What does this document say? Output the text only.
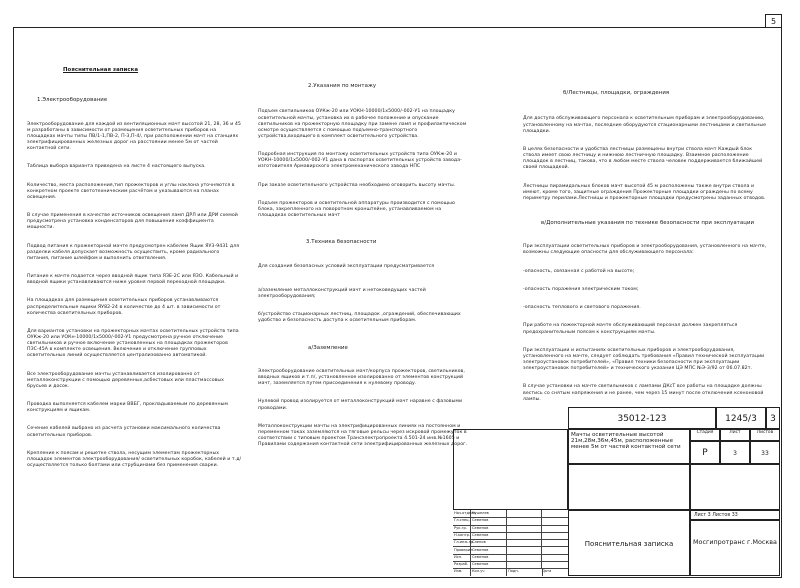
5

Пояснительная записка

1.Электрооборудование

Электрооборудование для каждой из вентиляционных мачт высотой 21, 28, 36 и 45 м разработаны в зависимости от размещения осветительных приборов на площадках мачты типы ПВ/1-1,ПВ-2, П-3,П-4/, при расположении мачт на станциях электрифицированных железных дорог на расстоянии менее 5м от частей контактной сети.

Таблица выбора варианта приведена на листе 4 настоящего выпуска.

Количество, места расположения,тип прожекторов и углы наклона уточняются в конкретном проекте светотехническим расчётом и указываются на планах освещения.

В случае применения в качестве источников освещения ламп ДРЛ или ДРИ схемой предусмотрена установка конденсаторов для повышения коэффициента мощности.

Подвод питания к прожекторной мачте предусмотрен кабелем Ящик ЯУ3-9431 для разделки кабеля допускает возможность осуществить, кроме радиального питания, питание шлейфом и выполнить ответвления.

Питание к мачте подается через вводной ящик типа ЯЗЕ-2С или ЯЗО. Кабельный и вводной ящики устанавливаются ниже уровня первой переходной площадки.

На площадках для размещения осветительных приборов устанавливаются распределительные ящики ЯУ82-24 в количестве до 4 шт. в зависимости от количества осветительных приборов.

Для вариантов установки на прожекторных мачтах осветительных устройств типа ОУКж-20 или УОКн-10000/1х5000/-002-У1 предусмотрена ручное отключение светильников и ручное включение установленных на площадках прожекторов ПЗС-45А в комплекте освещения. Включение и отключение групповых осветительных линий осуществляется централизованно автоматикой.

Все электрооборудование мачты устанавливается изолированно от металлоконструкции с помощью деревянных,асбестовых или пластмассовых брусьев и досок.

Проводка выполняется кабелем марки ВВБГ, прокладываемым по деревянным конструкциям и ящикам.

Сечение кабелей выбрано из расчета установки максимального количества осветительных приборов.

Крепление к поясам и решетке ствола, несущим элементам прожекторных площадок элементов электрооборудования/ осветительных коробок, кабелей и т.д/ осуществляется только болтами или струбцинами без применения сварки.

2.Указания по монтажу

Подъем светильников ОУКж-20 или УОКН-10000/1х5000/-002-У1 на площадку осветительной мачты, установка их в рабочее положение и опускание светильников на прожекторную площадку при замене ламп и профилактическом осмотре осуществляется с помощью подъемно-транспортного устройства,входящего в комплект осветительного устройства.

Подробная инструкция по монтажу осветительных устройств типа ОУКж-20 и УОКН-10000/1х5000/-002-У1 дана в паспортах осветительных устройств завода-изготовителя Армавирского электромеханического завода НПС

При заказе осветительного устройства необходимо оговорить высоту мачты.

Подъем прожекторов и осветительной аппаратуры производится с помощью блока, закрепленного на поворотном кронштейне, устанавливаемом на площадках осветительных мачт

3.Техника безопасности

Для создания безопасных условий эксплуатации предусматривается

а/заземление металлоконструкций мачт и нетоковедущих частей электрооборудования;

б/устройство стационарных лестниц, площадок ,ограждений, обеспечивающих удобство и безопасность доступа к осветительным приборам.

а/Заземление

Электрооборудование осветительных мачт/корпуса прожекторов, светильников, вводных ящиков и т.п/, установленное изолированно от элементов конструкций мачт, заземляется путем присоединения к нулевому проводу.

Нулевой провод изолируется от металлоконструкций мачт наравне с фазовыми проводами.

Металлоконструкции мачты на электрифицированных линиях на постоянном и переменном токах заземляются на тяговые рельсы через искровой промежуток в соответствии с типовым проектом Трансэлектропроекта 4.501-24 инв.№1605 и Правилами содержания контактной сети электрифицированных железных дорог.

б/Лестницы, площадки, ограждения

Для доступа обслуживающего персонала к осветительным приборам и электрооборудованию, установленному на мачтах, последние оборудуются стационарными лестницами и светильные площадки.

В целях безопасности и удобства лестницы размещены внутри ствола мачт Каждый блок ствола имеет свою лестницу и нижнюю лестничную площадку. Взаимное расположение площадок в лестниц, такова, что в любом месте ствола человек поддерживается ближайшей своей площадкой.

Лестницы пирамидальных блоков мачт высотой 45 м расположены также внутри ствола и имеют, кроме того, защитные ограждения Прожекторные площадки ограждены по всему периметру перилами.Лестницы и прожекторные площадки предусмотрены заданных отводов.

в/Дополнительные указания по технике безопасности при эксплуатации

При эксплуатации осветительных приборов и электрооборудования, установленного на мачте, возможны следующие опасности для обслуживающего персонала:

-опасность, связанная с работой на высоте;

-опасность поражения электрическим током;

-опасность теплового и светового поражения.

При работе на пожекторной мачте обслуживающий персонал должен закрепляться предохранительным поясом к конструкциям мачты.

При эксплуатации и испытаниях осветительных приборов и электрооборудования, установленного на мачте, следует соблюдать требования «Правил технической эксплуатации электроустановок потребителей», «Правил техники безопасности при эксплуатации электроустановок потребителей» и технического указания ЦЭ МПС №Э-3/92 от 06.07.82т.

В случае установки на мачте светильников с лампами ДКсТ все работы на площадке должны вестись со снятым напряжения и не ранее, чем через 15 минут после отключения ксеноновой лампы.

35012-123	1245/3	3
Мачты осветительные высотой 21м,28м,36м,45м, расположенные менее 5м от частей контактной сети
Стадия	Лист	Листов
Р	3	33
Пояснительная записка
Лист 3 Листов 33
Мосгипротранс г.Москва
Нач.отдела
Кушелев
Гл.спец. Семенов
Рук.гр.	Семенов
Н.контр. Семенов
Гл.инж.пр.
Слепов
Проверил Семенов
Исп.	Семенов
Разраб.	Семенов
Изм.	Кол.уч	Подп.	Дата
